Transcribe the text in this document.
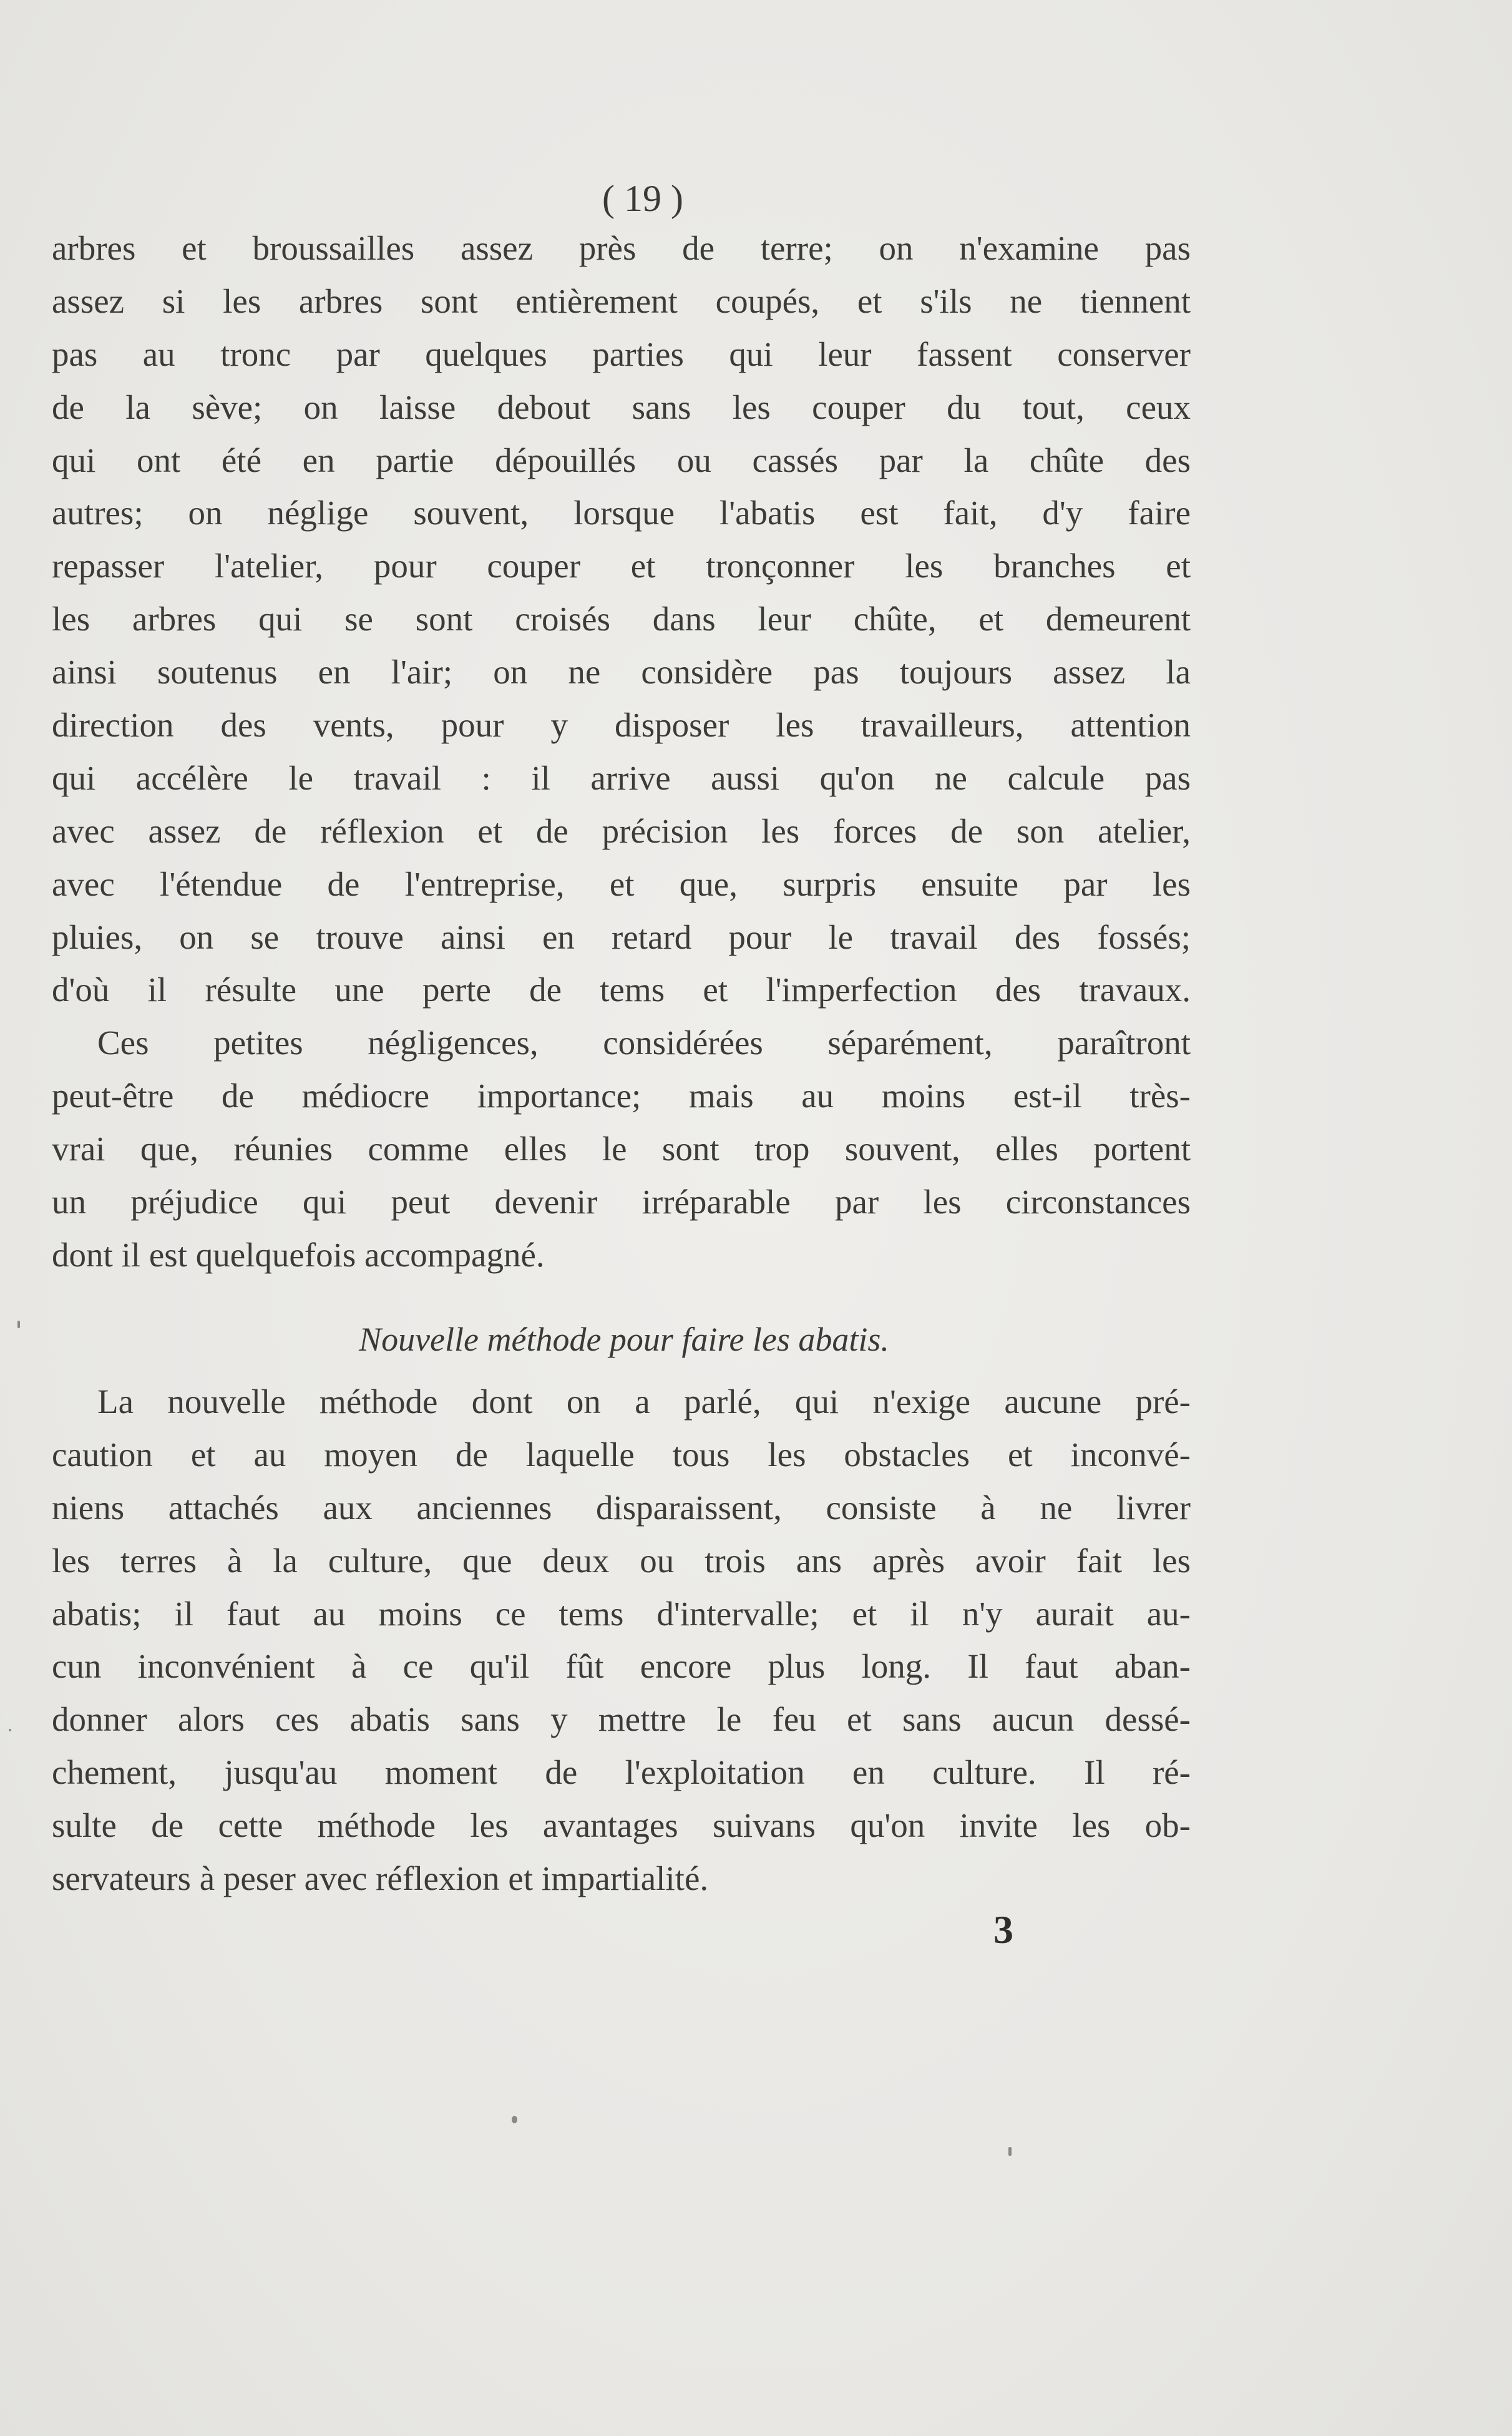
( 19 )
arbres et broussailles assez près de terre; on n'examine pas
assez si les arbres sont entièrement coupés, et s'ils ne tiennent
pas au tronc par quelques parties qui leur fassent conserver
de la sève; on laisse debout sans les couper du tout, ceux
qui ont été en partie dépouillés ou cassés par la chûte des
autres; on néglige souvent, lorsque l'abatis est fait, d'y faire
repasser l'atelier, pour couper et tronçonner les branches et
les arbres qui se sont croisés dans leur chûte, et demeurent
ainsi soutenus en l'air; on ne considère pas toujours assez la
direction des vents, pour y disposer les travailleurs, attention
qui accélère le travail : il arrive aussi qu'on ne calcule pas
avec assez de réflexion et de précision les forces de son atelier,
avec l'étendue de l'entreprise, et que, surpris ensuite par les
pluies, on se trouve ainsi en retard pour le travail des fossés;
d'où il résulte une perte de tems et l'imperfection des travaux.
Ces petites négligences, considérées séparément, paraîtront
peut-être de médiocre importance; mais au moins est-il très-
vrai que, réunies comme elles le sont trop souvent, elles portent
un préjudice qui peut devenir irréparable par les circonstances
dont il est quelquefois accompagné.
Nouvelle méthode pour faire les abatis.
La nouvelle méthode dont on a parlé, qui n'exige aucune pré-
caution et au moyen de laquelle tous les obstacles et inconvé-
niens attachés aux anciennes disparaissent, consiste à ne livrer
les terres à la culture, que deux ou trois ans après avoir fait les
abatis; il faut au moins ce tems d'intervalle; et il n'y aurait au-
cun inconvénient à ce qu'il fût encore plus long. Il faut aban-
donner alors ces abatis sans y mettre le feu et sans aucun dessé-
chement, jusqu'au moment de l'exploitation en culture. Il ré-
sulte de cette méthode les avantages suivans qu'on invite les ob-
servateurs à peser avec réflexion et impartialité.
3
